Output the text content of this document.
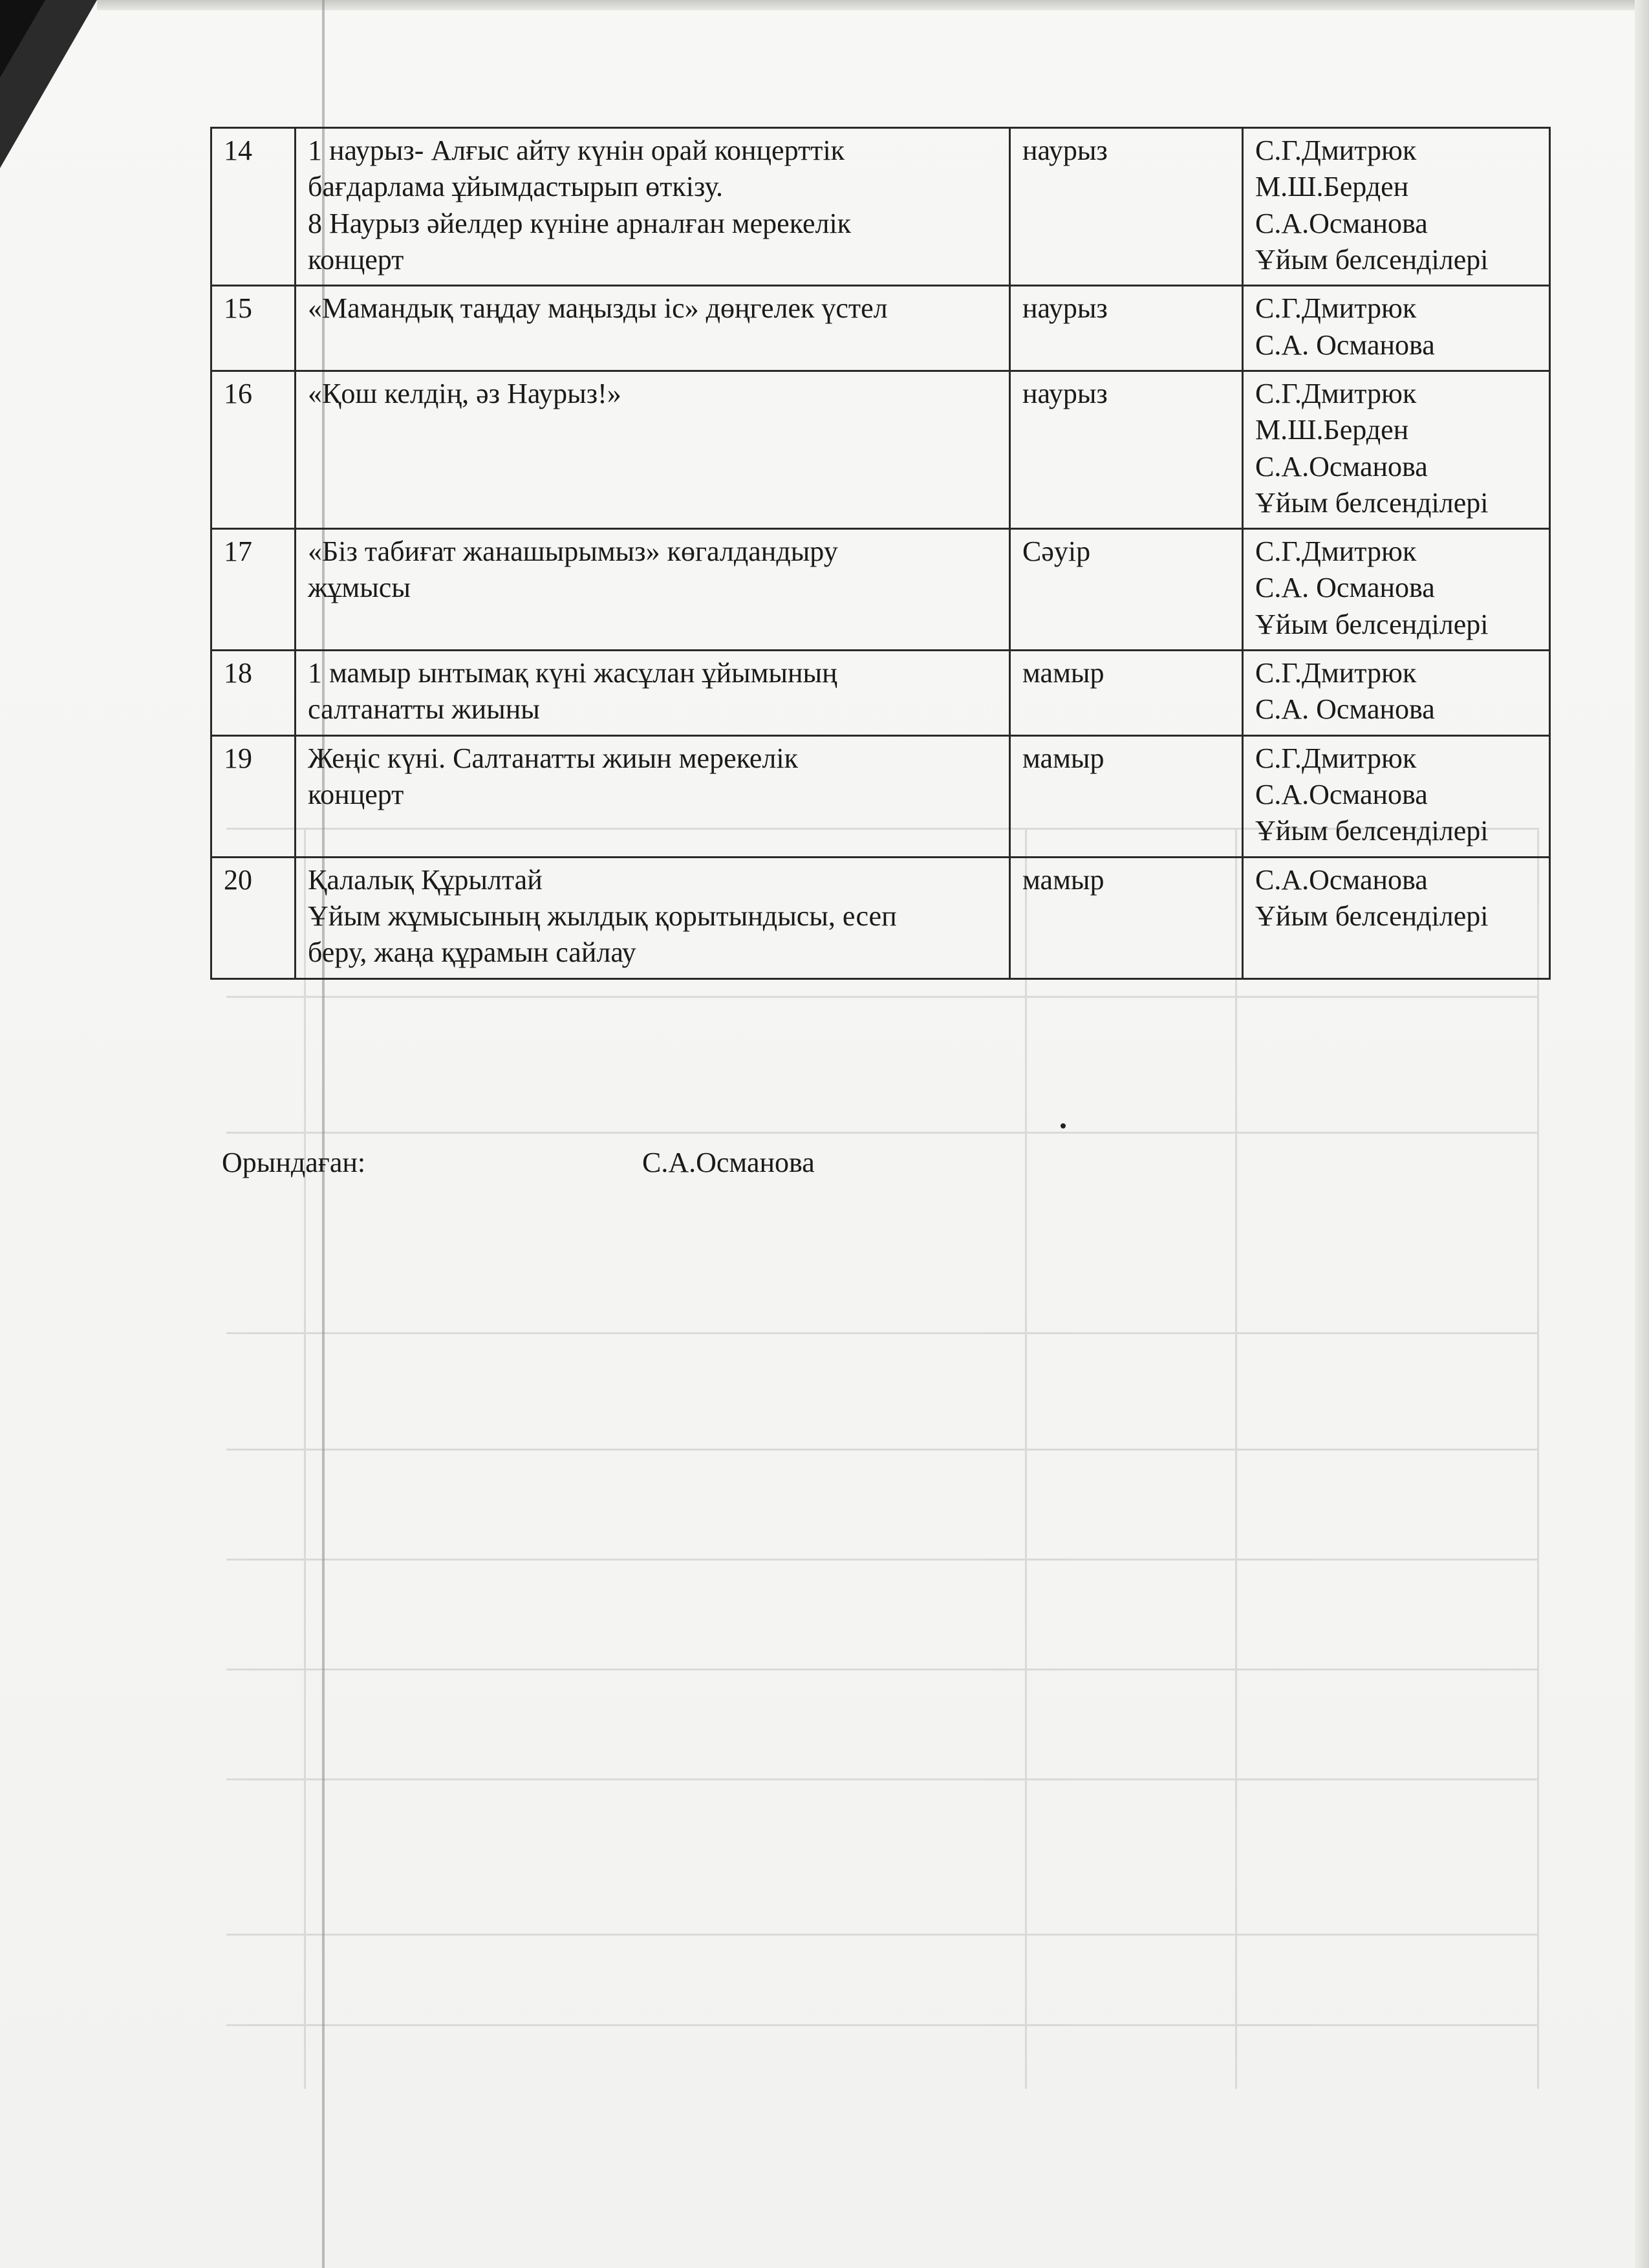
14	1 наурыз- Алғыс айту күнін орай концерттік
бағдарлама ұйымдастырып өткізу.
8 Наурыз әйелдер күніне арналған мерекелік
концерт	наурыз	С.Г.Дмитрюк
М.Ш.Берден
С.А.Османова
Ұйым белсенділері

15	«Мамандық таңдау маңызды іс» дөңгелек үстел	наурыз	С.Г.Дмитрюк
С.А. Османова

16	«Қош келдің, әз Наурыз!»	наурыз	С.Г.Дмитрюк
М.Ш.Берден
С.А.Османова
Ұйым белсенділері

17	«Біз табиғат жанашырымыз» көгалдандыру
жұмысы	Сәуір	С.Г.Дмитрюк
С.А. Османова
Ұйым белсенділері

18	1 мамыр ынтымақ күні жасұлан ұйымының
салтанатты жиыны	мамыр	С.Г.Дмитрюк
С.А. Османова

19	Жеңіс күні. Салтанатты жиын мерекелік
концерт	мамыр	С.Г.Дмитрюк
С.А.Османова
Ұйым белсенділері

20	Қалалық Құрылтай
Ұйым жұмысының жылдық қорытындысы, есеп
беру, жаңа құрамын сайлау	мамыр	С.А.Османова
Ұйым белсенділері
Орындаған:	С.А.Османова
